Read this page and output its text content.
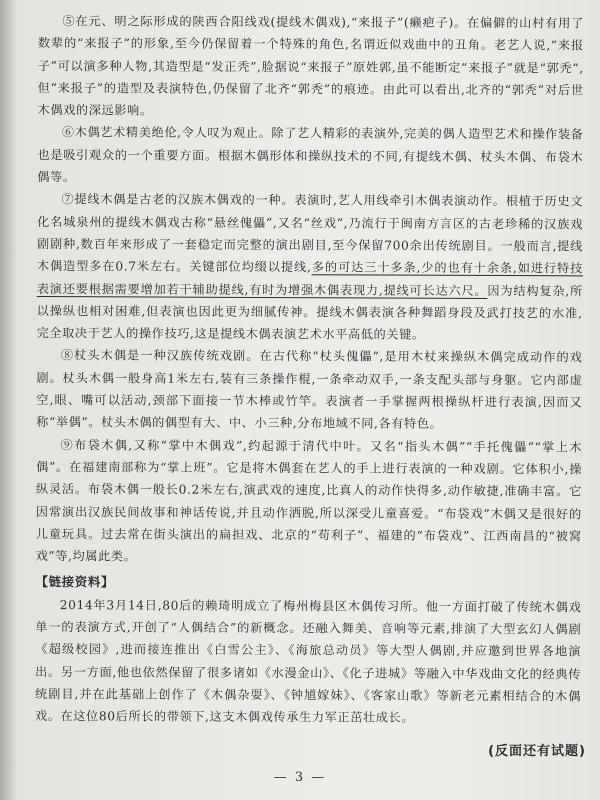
⑤在元、明之际形成的陕西合阳线戏(提线木偶戏),“来报子”(癞疤子)。在偏僻的山村有用了数辈的“来报子”的形象,至今仍保留着一个特殊的角色,名谓近似戏曲中的丑角。老艺人说,“来报子”可以演多种人物,其造型是“发正秃”,脸据说“来报子”原姓郭,虽不能断定“来报子”就是“郭秃”,但“来报子”的造型及表演特色,仍保留了北齐“郭秃”的痕迹。由此可以看出,北齐的“郭秃”对后世木偶戏的深远影响。

⑥木偶艺术精美绝伦,令人叹为观止。除了艺人精彩的表演外,完美的偶人造型艺术和操作装备也是吸引观众的一个重要方面。根据木偶形体和操纵技术的不同,有提线木偶、杖头木偶、布袋木偶等。

⑦提线木偶是古老的汉族木偶戏的一种。表演时,艺人用线牵引木偶表演动作。根植于历史文化名城泉州的提线木偶戏古称“悬丝傀儡”,又名“丝戏”,乃流行于闽南方言区的古老珍稀的汉族戏剧剧种,数百年来形成了一套稳定而完整的演出剧目,至今保留700余出传统剧目。一般而言,提线木偶造型多在0.7米左右。关键部位均缀以提线,多的可达三十多条,少的也有十余条,如进行特技表演还要根据需要增加若干辅助提线,有时为增强木偶表现力,提线可长达六尺。因为结构复杂,所以操纵也相对困难,但表演也因此更为细腻传神。提线木偶表演各种舞蹈身段及武打技艺的水准,完全取决于艺人的操作技巧,这是提线木偶表演艺术水平高低的关键。

⑧杖头木偶是一种汉族传统戏剧。在古代称“杖头傀儡”,是用木杖来操纵木偶完成动作的戏剧。杖头木偶一般身高1米左右,装有三条操作棍,一条牵动双手,一条支配头部与身躯。它内部虚空,眼、嘴可以活动,颈部下面接一节木棒或竹竿。表演者一手掌握两根操纵杆进行表演,因而又称“举偶”。杖头木偶的偶型有大、中、小三种,分布地域不同,各有特色。

⑨布袋木偶,又称“掌中木偶戏”,约起源于清代中叶。又名“指头木偶”“手托傀儡”“掌上木偶”。在福建南部称为“掌上班”。它是将木偶套在艺人的手上进行表演的一种戏剧。它体积小,操纵灵活。布袋木偶一般长0.2米左右,演武戏的速度,比真人的动作快得多,动作敏捷,准确丰富。它因常演出汉族民间故事和神话传说,并且动作洒脱,所以深受儿童喜爱。“布袋戏”木偶又是很好的儿童玩具。过去常在街头演出的扁担戏、北京的“苟利子”、福建的“布袋戏”、江西南昌的“被窝戏”等,均属此类。

【链接资料】

2014年3月14日,80后的赖琦明成立了梅州梅县区木偶传习所。他一方面打破了传统木偶戏单一的表演方式,开创了“人偶结合”的新概念。还融入舞美、音响等元素,排演了大型玄幻人偶剧《超级校园》,进而接连推出《白雪公主》、《海旅总动员》等大型人偶剧,并应邀到世界各地演出。另一方面,他也依然保留了很多诸如《水漫金山》、《化子进城》等融入中华戏曲文化的经典传统剧目,并在此基础上创作了《木偶杂耍》、《钟馗嫁妹》、《客家山歌》等新老元素相结合的木偶戏。在这位80后所长的带领下,这支木偶戏传承生力军正茁壮成长。

(反面还有试题)
— 3 —
